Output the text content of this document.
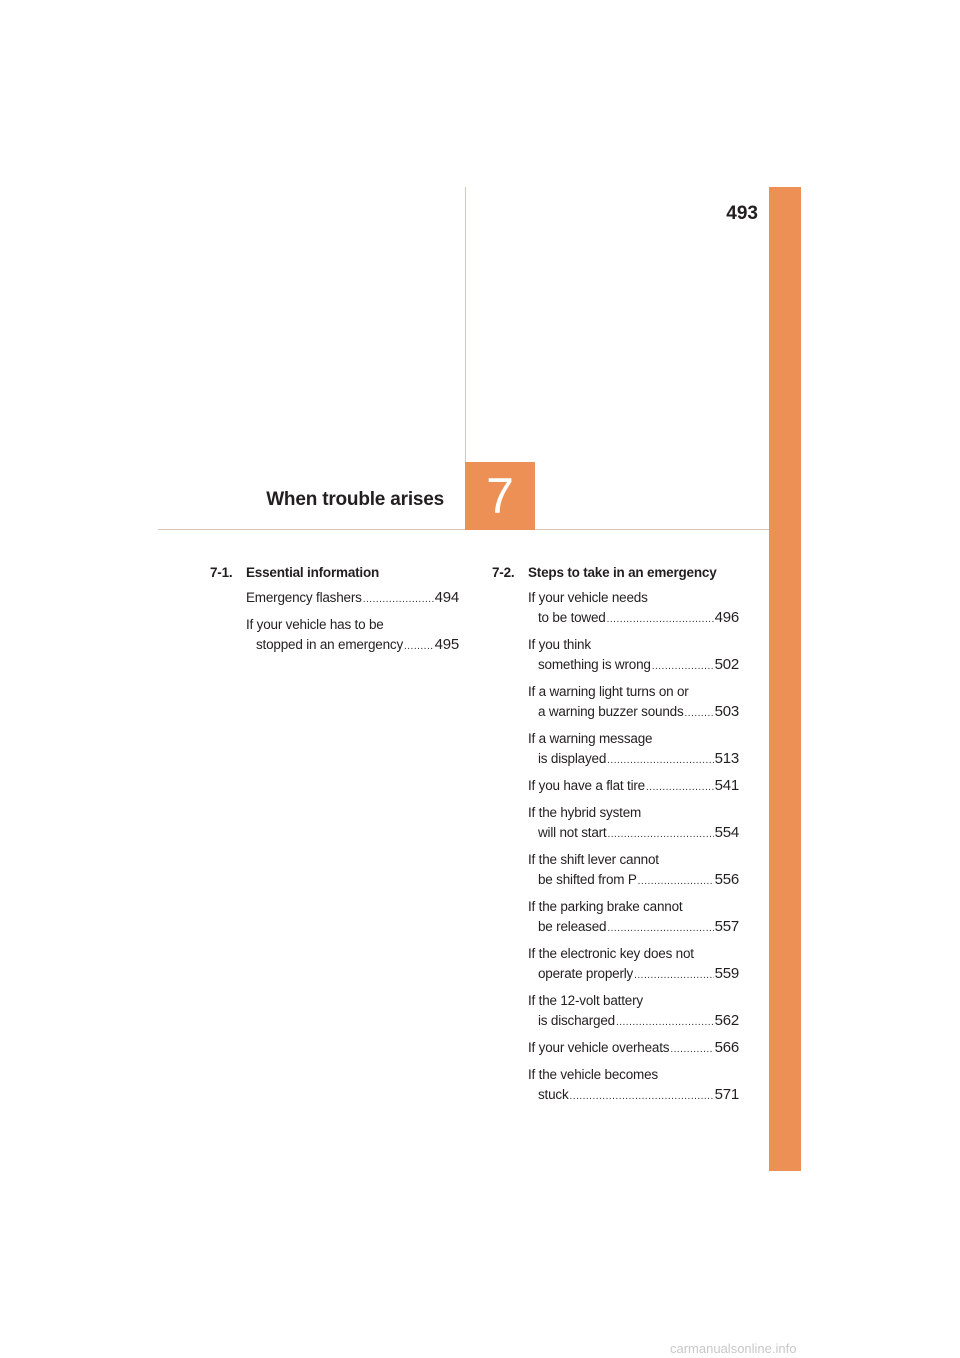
493
When trouble arises 7
7-1.	Essential information
Emergency flashers .....	494
If your vehicle has to be
stopped in an emergency ..... 495
7-2.	Steps to take in an emergency
If your vehicle needs
to be towed .....	496
If you think
something is wrong .....	502
If a warning light turns on or
a warning buzzer sounds ..... 503
If a warning message
is displayed .....	513
If you have a flat tire .....	541
If the hybrid system
will not start .....	554
If the shift lever cannot
be shifted from P .....	556
If the parking brake cannot
be released .....	557
If the electronic key does not
operate properly .....	559
If the 12-volt battery
is discharged .....	562
If your vehicle overheats .....	566
If the vehicle becomes
stuck .....	571
carmanualsonline.info
